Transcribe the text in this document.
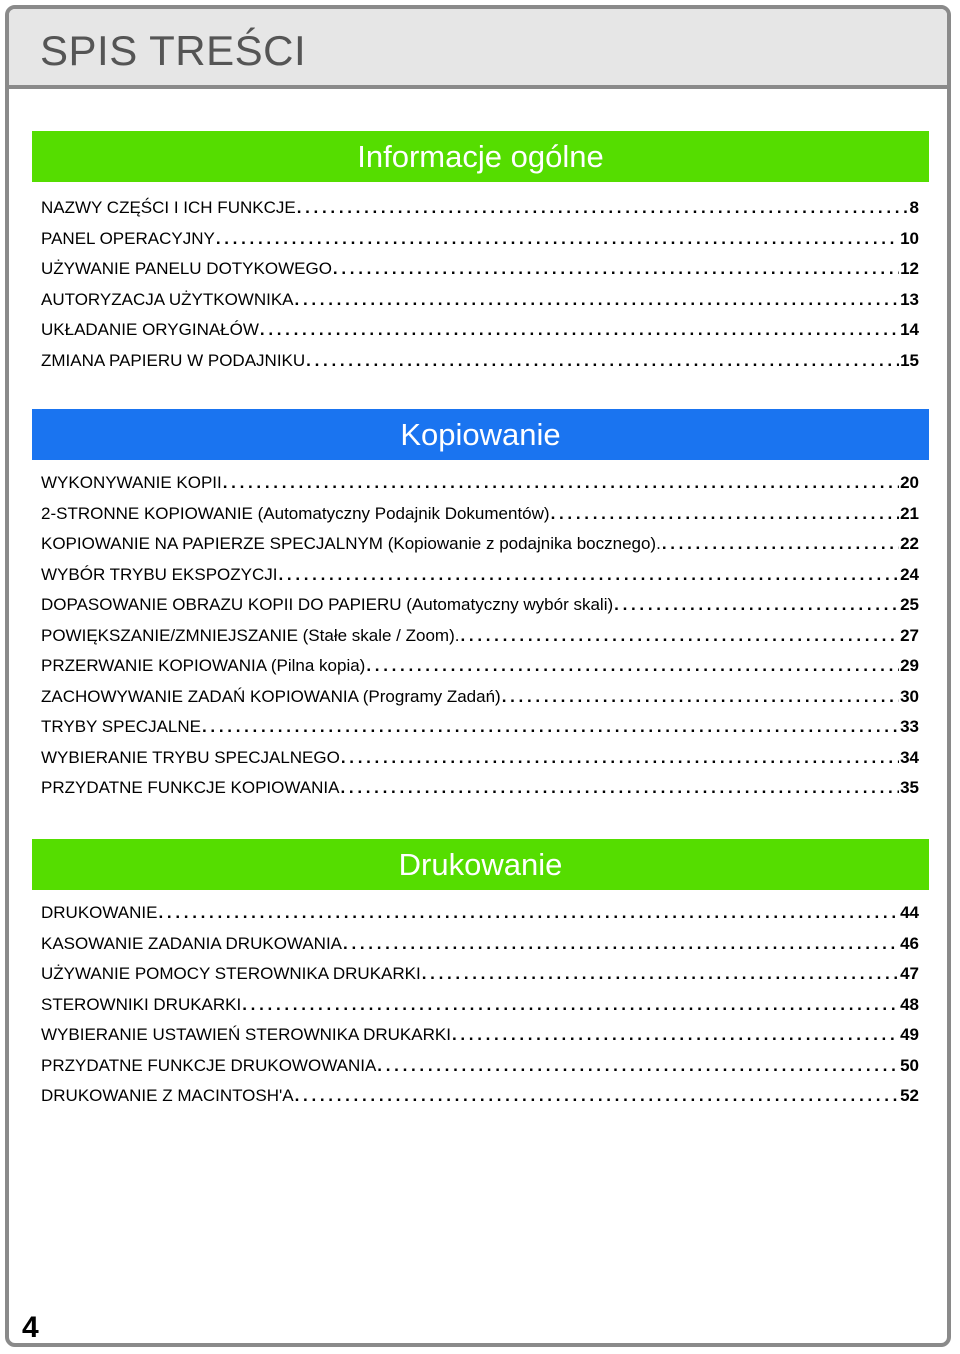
SPIS TREŚCI
Informacje ogólne
NAZWY CZĘŚCI I ICH FUNKCJE .....	8
PANEL OPERACYJNY .....	10
UŻYWANIE PANELU DOTYKOWEGO .....	12
AUTORYZACJA UŻYTKOWNIKA .....	13
UKŁADANIE ORYGINAŁÓW .....	14
ZMIANA PAPIERU W PODAJNIKU .....	15
Kopiowanie
WYKONYWANIE KOPII .....	20
2-STRONNE KOPIOWANIE (Automatyczny Podajnik Dokumentów) .....	21
KOPIOWANIE NA PAPIERZE SPECJALNYM (Kopiowanie z podajnika bocznego). .....	22
WYBÓR TRYBU EKSPOZYCJI .....	24
DOPASOWANIE OBRAZU KOPII DO PAPIERU (Automatyczny wybór skali) .....	25
POWIĘKSZANIE/ZMNIEJSZANIE (Stałe skale / Zoom). .....	27
PRZERWANIE KOPIOWANIA (Pilna kopia) .....	29
ZACHOWYWANIE ZADAŃ KOPIOWANIA (Programy Zadań) .....	30
TRYBY SPECJALNE .....	33
WYBIERANIE TRYBU SPECJALNEGO .....	34
PRZYDATNE FUNKCJE KOPIOWANIA .....	35
Drukowanie
DRUKOWANIE .....	44
KASOWANIE ZADANIA DRUKOWANIA .....	46
UŻYWANIE POMOCY STEROWNIKA DRUKARKI .....	47
STEROWNIKI DRUKARKI .....	48
WYBIERANIE USTAWIEŃ STEROWNIKA DRUKARKI .....	49
PRZYDATNE FUNKCJE DRUKOWOWANIA .....	50
DRUKOWANIE Z MACINTOSH'A .....	52
4
